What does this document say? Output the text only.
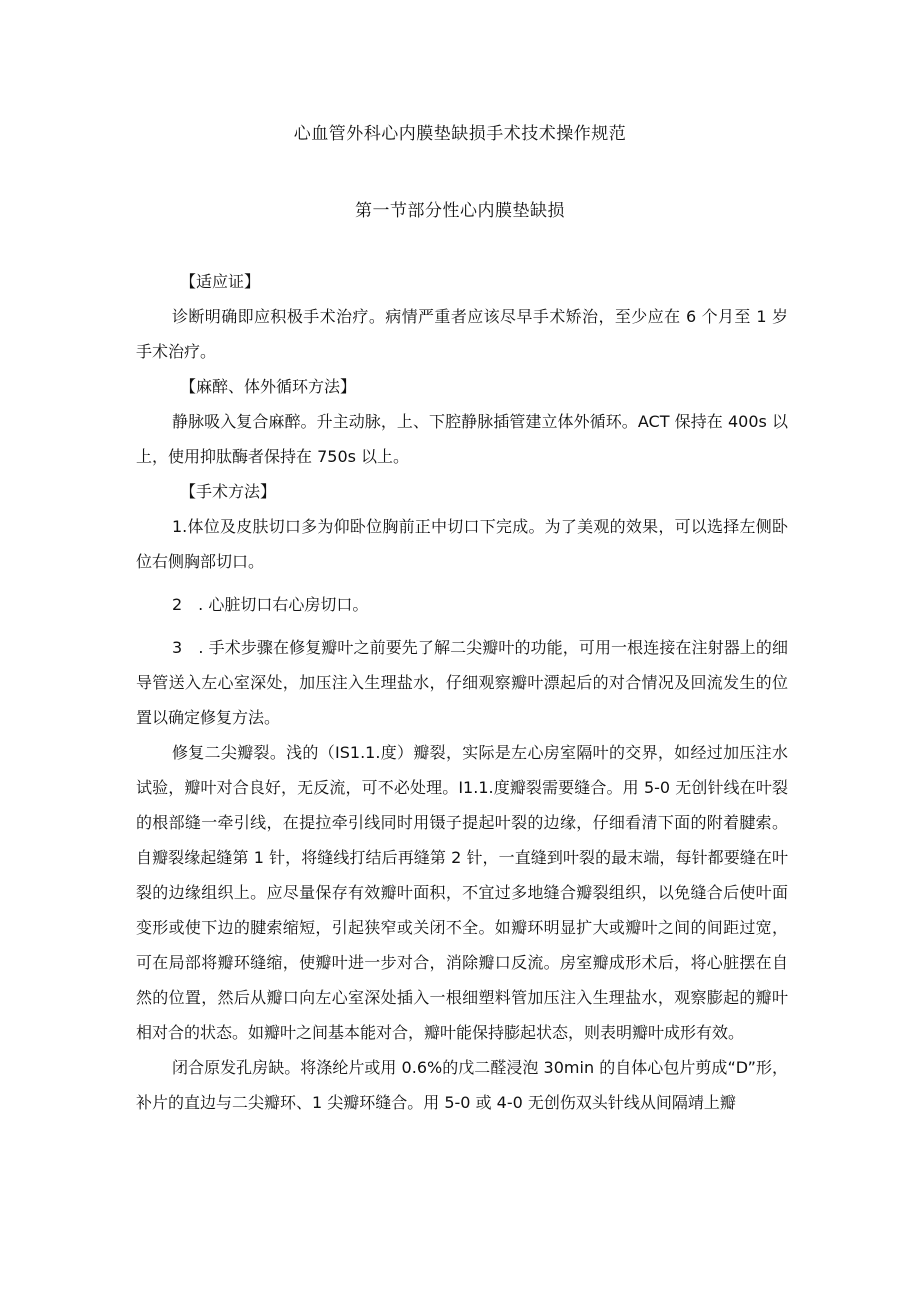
心血管外科心内膜垫缺损手术技术操作规范
第一节部分性心内膜垫缺损

【适应证】

诊断明确即应积极手术治疗。病情严重者应该尽早手术矫治，至少应在 6 个月至 1 岁手术治疗。

【麻醉、体外循环方法】

静脉吸入复合麻醉。升主动脉，上、下腔静脉插管建立体外循环。ACT 保持在 400s 以上，使用抑肽酶者保持在 750s 以上。

【手术方法】

1.体位及皮肤切口多为仰卧位胸前正中切口下完成。为了美观的效果，可以选择左侧卧位右侧胸部切口。

2　. 心脏切口右心房切口。

3　. 手术步骤在修复瓣叶之前要先了解二尖瓣叶的功能，可用一根连接在注射器上的细导管送入左心室深处，加压注入生理盐水，仔细观察瓣叶漂起后的对合情况及回流发生的位置以确定修复方法。

修复二尖瓣裂。浅的（IS1.1.度）瓣裂，实际是左心房室隔叶的交界，如经过加压注水试验，瓣叶对合良好，无反流，可不必处理。I1.1.度瓣裂需要缝合。用 5-0 无创针线在叶裂的根部缝一牵引线，在提拉牵引线同时用镊子提起叶裂的边缘，仔细看清下面的附着腱索。自瓣裂缘起缝第 1 针，将缝线打结后再缝第 2 针，一直缝到叶裂的最末端，每针都要缝在叶裂的边缘组织上。应尽量保存有效瓣叶面积，不宜过多地缝合瓣裂组织，以免缝合后使叶面变形或使下边的腱索缩短，引起狭窄或关闭不全。如瓣环明显扩大或瓣叶之间的间距过宽，可在局部将瓣环缝缩，使瓣叶进一步对合，消除瓣口反流。房室瓣成形术后，将心脏摆在自然的位置，然后从瓣口向左心室深处插入一根细塑料管加压注入生理盐水，观察膨起的瓣叶相对合的状态。如瓣叶之间基本能对合，瓣叶能保持膨起状态，则表明瓣叶成形有效。

闭合原发孔房缺。将涤纶片或用 0.6%的戊二醛浸泡 30min 的自体心包片剪成“D”形，补片的直边与二尖瓣环、1 尖瓣环缝合。用 5-0 或 4-0 无创伤双头针线从间隔靖上瓣
